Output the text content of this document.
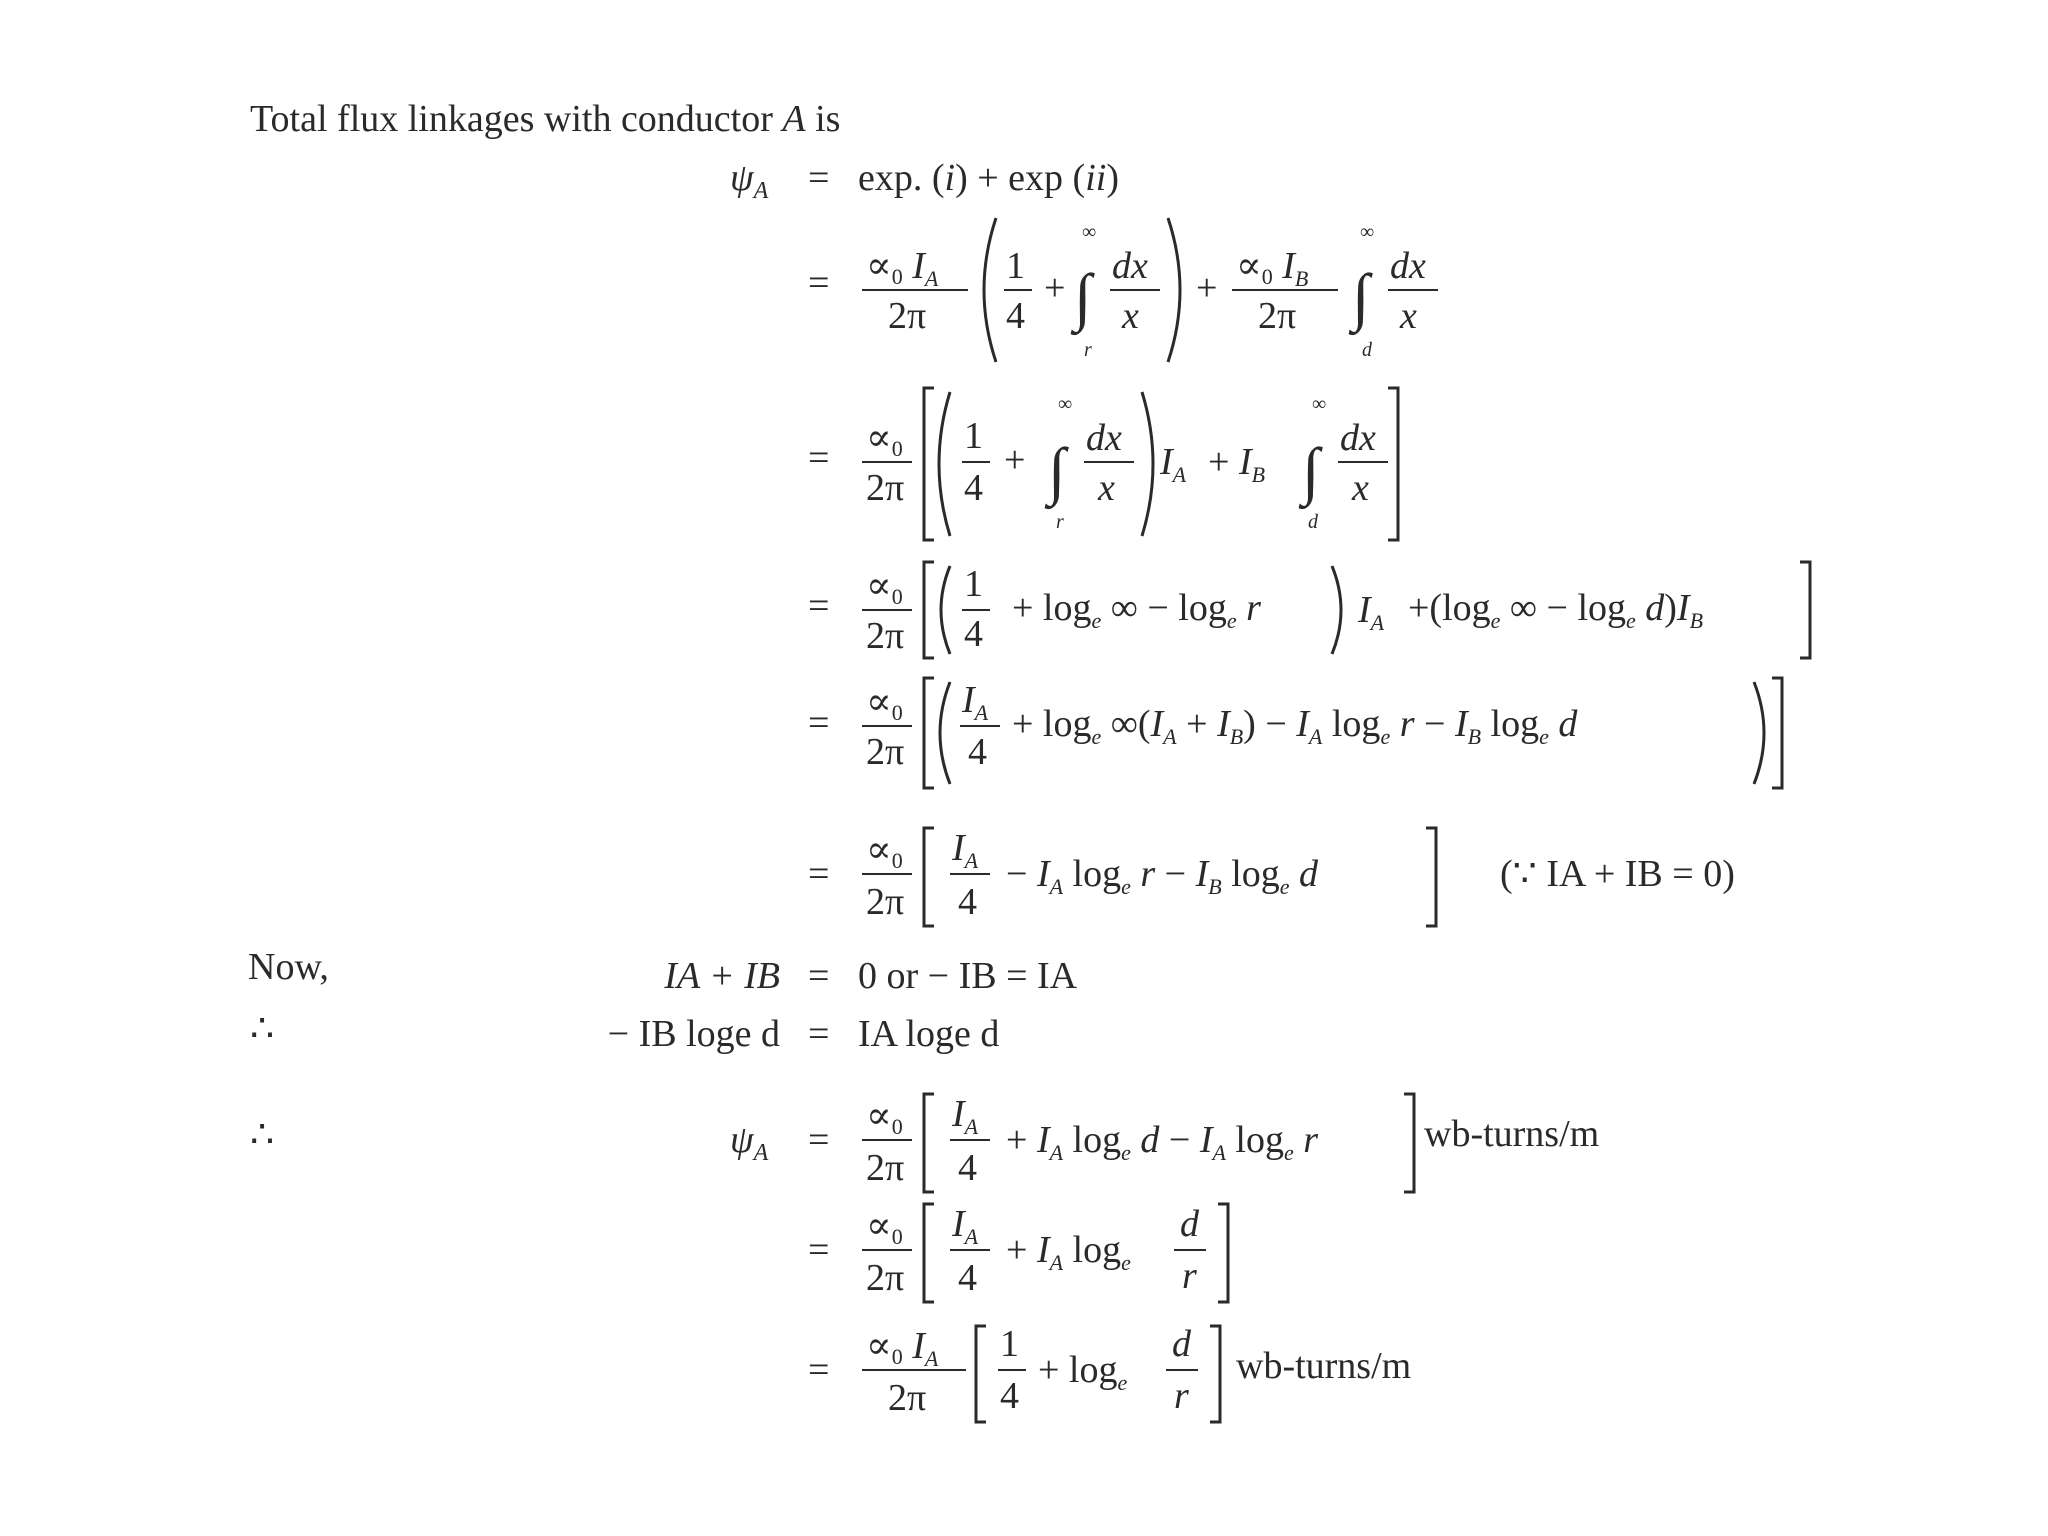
Total flux linkages with conductor A is
Now,
∴
∴
$\psi_A = \exp$. (i) + exp (ii)
= ∝0 $I_A$
2π
1
4
+
∞
∫
r
dx
x
+
∝0 $I_B$
2π
∞
∫
d
dx
x
= ∝0
2π
1
4
+
∞
∫
r
dx
x
$I_A + I_B$
∞
∫
d
dx
x
= ∝0
2π
1
4
+ $\log_e$ ∞ − $\log_e r$	$I_A +(\log_e$ ∞ − $\log_e d)I_B$
= ∝0
2π
$I_A$
4
+ $\log_e \infty(I_A + I_B) - I_A$ $\log_e r - I_B$ $\log_e d$
=
∝0
2π
$I_A$
4
− $I_A$ $\log_e r - I_B$ $\log_e d$	(∵ IA + IB = 0)
IA + IB = 0 or − IB = IA
− IB loge d = IA loge d
$\psi_A$ =
∝0
2π
$I_A$
4
+ $I_A$ $\log_e d - I_A$ $\log_e r$	wb-turns/m
=
∝0
2π
$I_A$
4
+ $I_A$ $\log_e$
d
r
=
∝0 $I_A$
2π
1
4
+ $\log_e$
d
r
wb-turns/m
